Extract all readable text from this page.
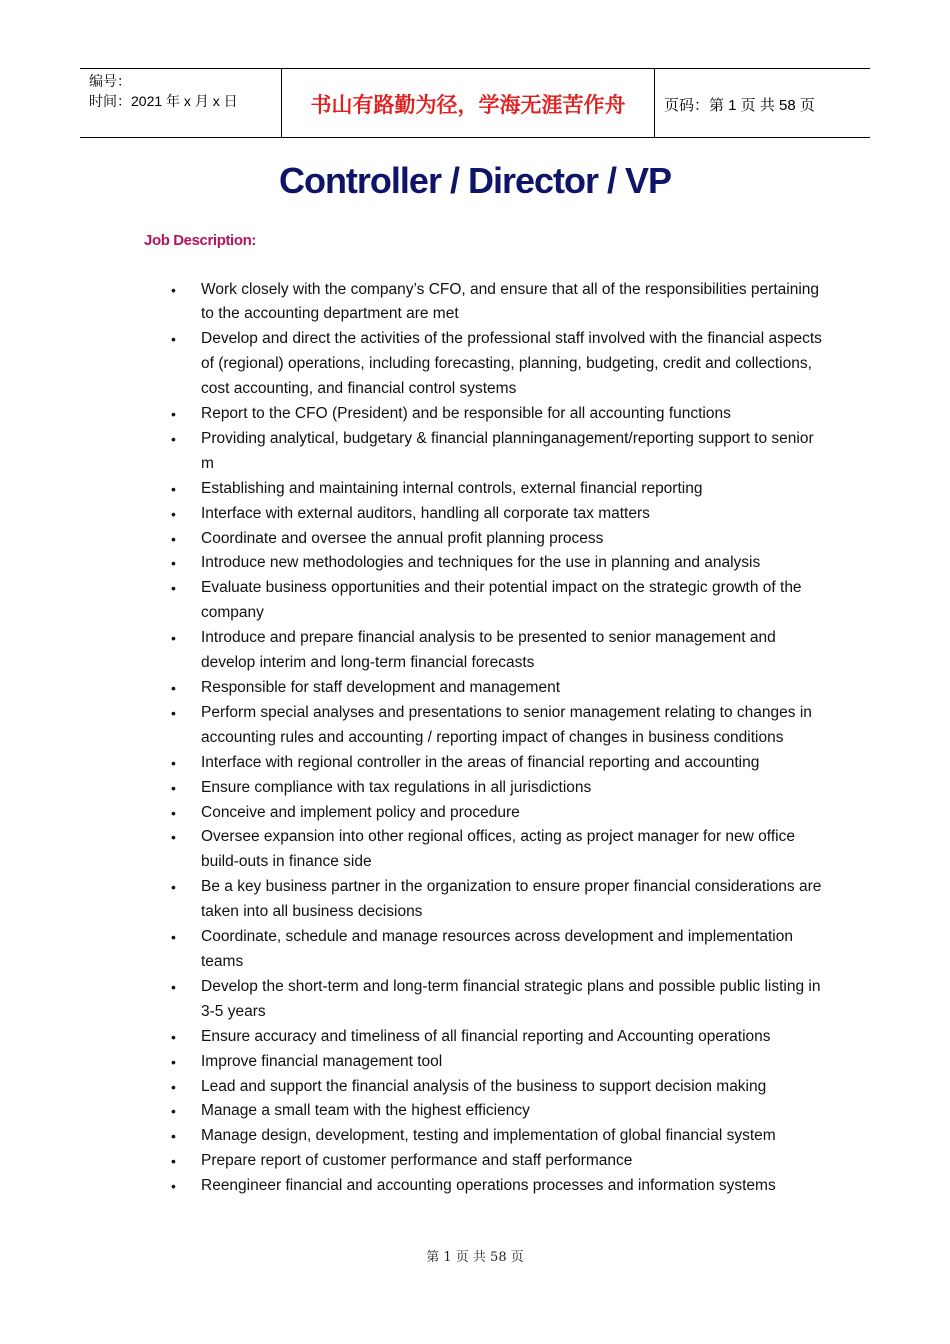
编号：
时间：2021 年 x 月 x 日	书山有路勤为径，学海无涯苦作舟	页码：第 1 页 共 58 页
Controller / Director / VP
Job Description:
• Work closely with the company’s CFO, and ensure that all of the responsibilities pertaining to the accounting department are met
• Develop and direct the activities of the professional staff involved with the financial aspects of (regional) operations, including forecasting, planning, budgeting, credit and collections, cost accounting, and financial control systems
• Report to the CFO (President) and be responsible for all accounting functions
• Providing analytical, budgetary & financial planninganagement/reporting support to senior m
• Establishing and maintaining internal controls, external financial reporting
• Interface with external auditors, handling all corporate tax matters
• Coordinate and oversee the annual profit planning process
• Introduce new methodologies and techniques for the use in planning and analysis
• Evaluate business opportunities and their potential impact on the strategic growth of the company
• Introduce and prepare financial analysis to be presented to senior management and develop interim and long-term financial forecasts
• Responsible for staff development and management
• Perform special analyses and presentations to senior management relating to changes in accounting rules and accounting / reporting impact of changes in business conditions
• Interface with regional controller in the areas of financial reporting and accounting
• Ensure compliance with tax regulations in all jurisdictions
• Conceive and implement policy and procedure
• Oversee expansion into other regional offices, acting as project manager for new office build-outs in finance side
• Be a key business partner in the organization to ensure proper financial considerations are taken into all business decisions
• Coordinate, schedule and manage resources across development and implementation teams
• Develop the short-term and long-term financial strategic plans and possible public listing in 3-5 years
• Ensure accuracy and timeliness of all financial reporting and Accounting operations
• Improve financial management tool
• Lead and support the financial analysis of the business to support decision making
• Manage a small team with the highest efficiency
• Manage design, development, testing and implementation of global financial system
• Prepare report of customer performance and staff performance
• Reengineer financial and accounting operations processes and information systems
第 1 页 共 58 页
